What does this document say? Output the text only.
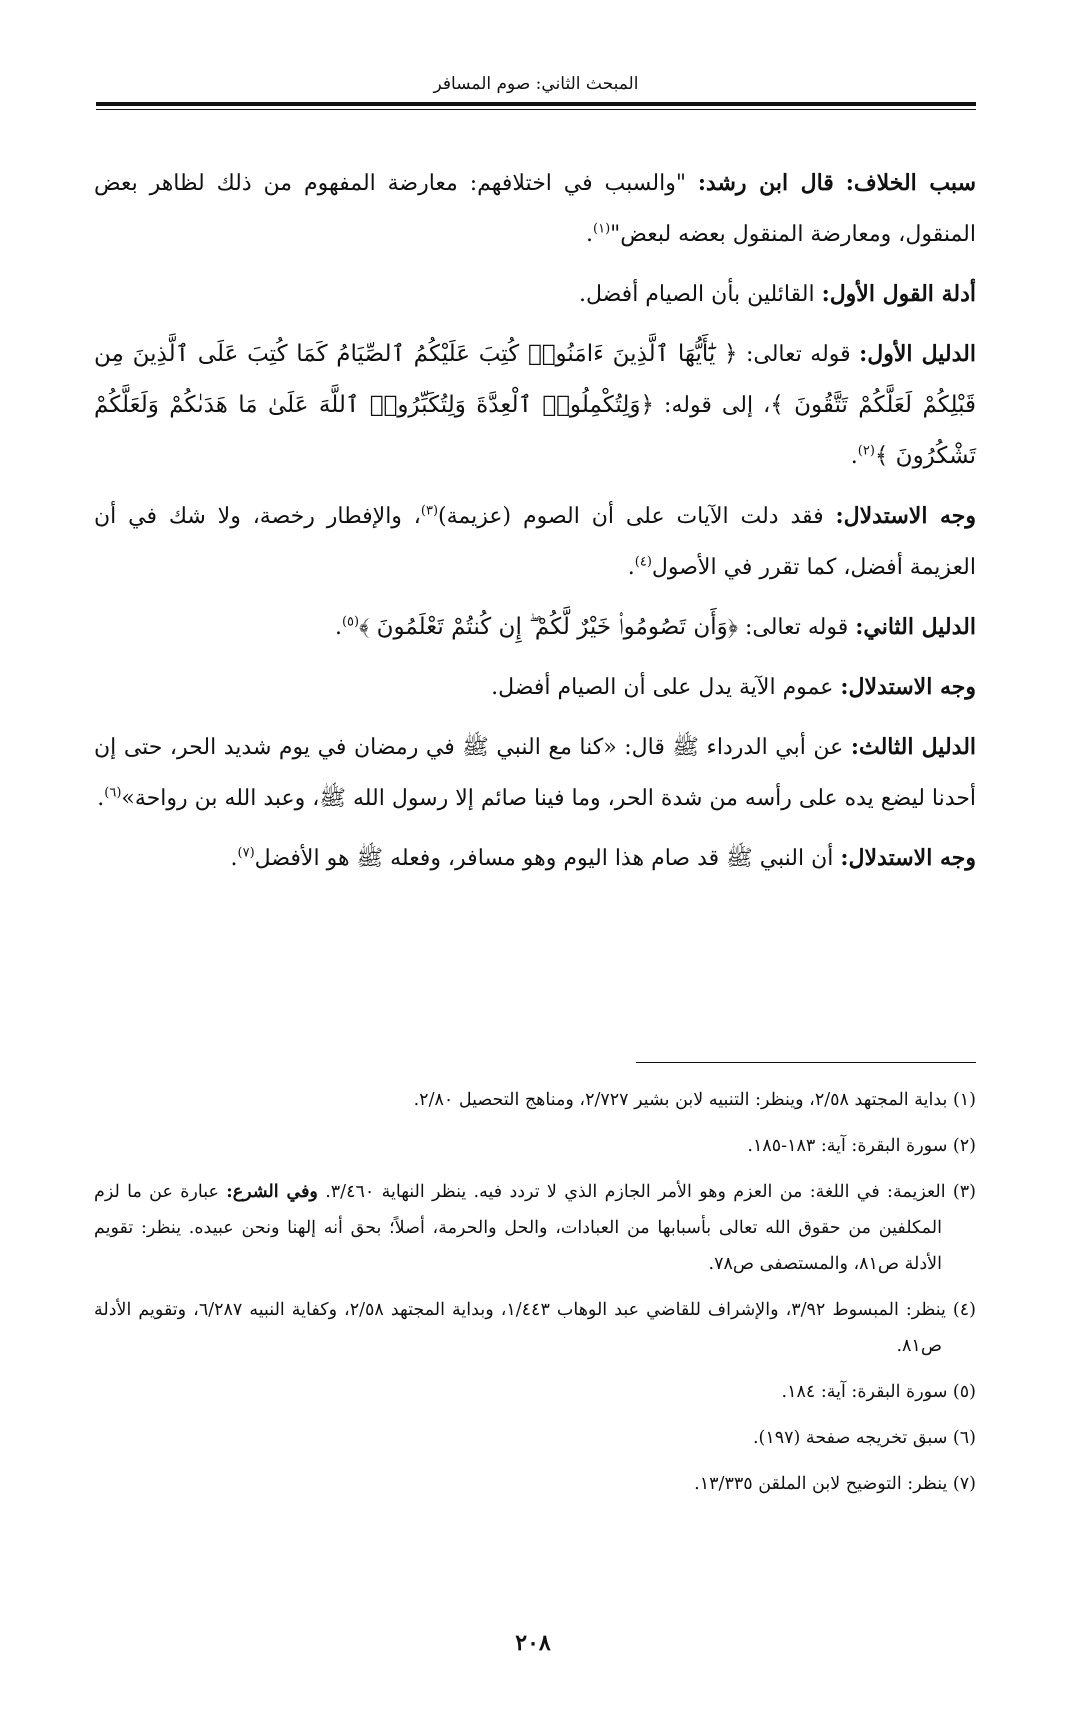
المبحث الثاني: صوم المسافر

سبب الخلاف: قال ابن رشد: "والسبب في اختلافهم: معارضة المفهوم من ذلك لظاهر بعض المنقول، ومعارضة المنقول بعضه لبعض"$^{(١)}$.

أدلة القول الأول: القائلين بأن الصيام أفضل.

الدليل الأول: قوله تعالى: ﴿ يَٰٓأَيُّهَا ٱلَّذِينَ ءَامَنُوا۟ كُتِبَ عَلَيْكُمُ ٱلصِّيَامُ كَمَا كُتِبَ عَلَى ٱلَّذِينَ مِن قَبْلِكُمْ لَعَلَّكُمْ تَتَّقُونَ ﴾، إلى قوله: ﴿وَلِتُكْمِلُوا۟ ٱلْعِدَّةَ وَلِتُكَبِّرُوا۟ ٱللَّهَ عَلَىٰ مَا هَدَىٰكُمْ وَلَعَلَّكُمْ تَشْكُرُونَ ﴾$^{(٢)}$.

وجه الاستدلال: فقد دلت الآيات على أن الصوم (عزيمة)$^{(٣)}$، والإفطار رخصة، ولا شك في أن العزيمة أفضل، كما تقرر في الأصول$^{(٤)}$.

الدليل الثاني: قوله تعالى: ﴿وَأَن تَصُومُوا۟ خَيْرٌ لَّكُمْ ۖ إِن كُنتُمْ تَعْلَمُونَ ﴾$^{(٥)}$.

وجه الاستدلال: عموم الآية يدل على أن الصيام أفضل.

الدليل الثالث: عن أبي الدرداء ﷺ قال: «كنا مع النبي ﷺ في رمضان في يوم شديد الحر، حتى إن أحدنا ليضع يده على رأسه من شدة الحر، وما فينا صائم إلا رسول الله ﷺ، وعبد الله بن رواحة»$^{(٦)}$.

وجه الاستدلال: أن النبي ﷺ قد صام هذا اليوم وهو مسافر، وفعله ﷺ هو الأفضل$^{(٧)}$.

(١) بداية المجتهد ٢/٥٨، وينظر: التنبيه لابن بشير ٢/٧٢٧، ومناهج التحصيل ٢/٨٠.

(٢) سورة البقرة: آية: ١٨٣-١٨٥.

(٣) العزيمة: في اللغة: من العزم وهو الأمر الجازم الذي لا تردد فيه. ينظر النهاية ٣/٤٦٠. وفي الشرع: عبارة عن ما لزم المكلفين من حقوق الله تعالى بأسبابها من العبادات، والحل والحرمة، أصلاً؛ بحق أنه إلهنا ونحن عبيده. ينظر: تقويم الأدلة ص٨١، والمستصفى ص٧٨.

(٤) ينظر: المبسوط ٣/٩٢، والإشراف للقاضي عبد الوهاب ١/٤٤٣، وبداية المجتهد ٢/٥٨، وكفاية النبيه ٦/٢٨٧، وتقويم الأدلة ص٨١.

(٥) سورة البقرة: آية: ١٨٤.

(٦) سبق تخريجه صفحة (١٩٧).

(٧) ينظر: التوضيح لابن الملقن ١٣/٣٣٥.

٢٠٨
